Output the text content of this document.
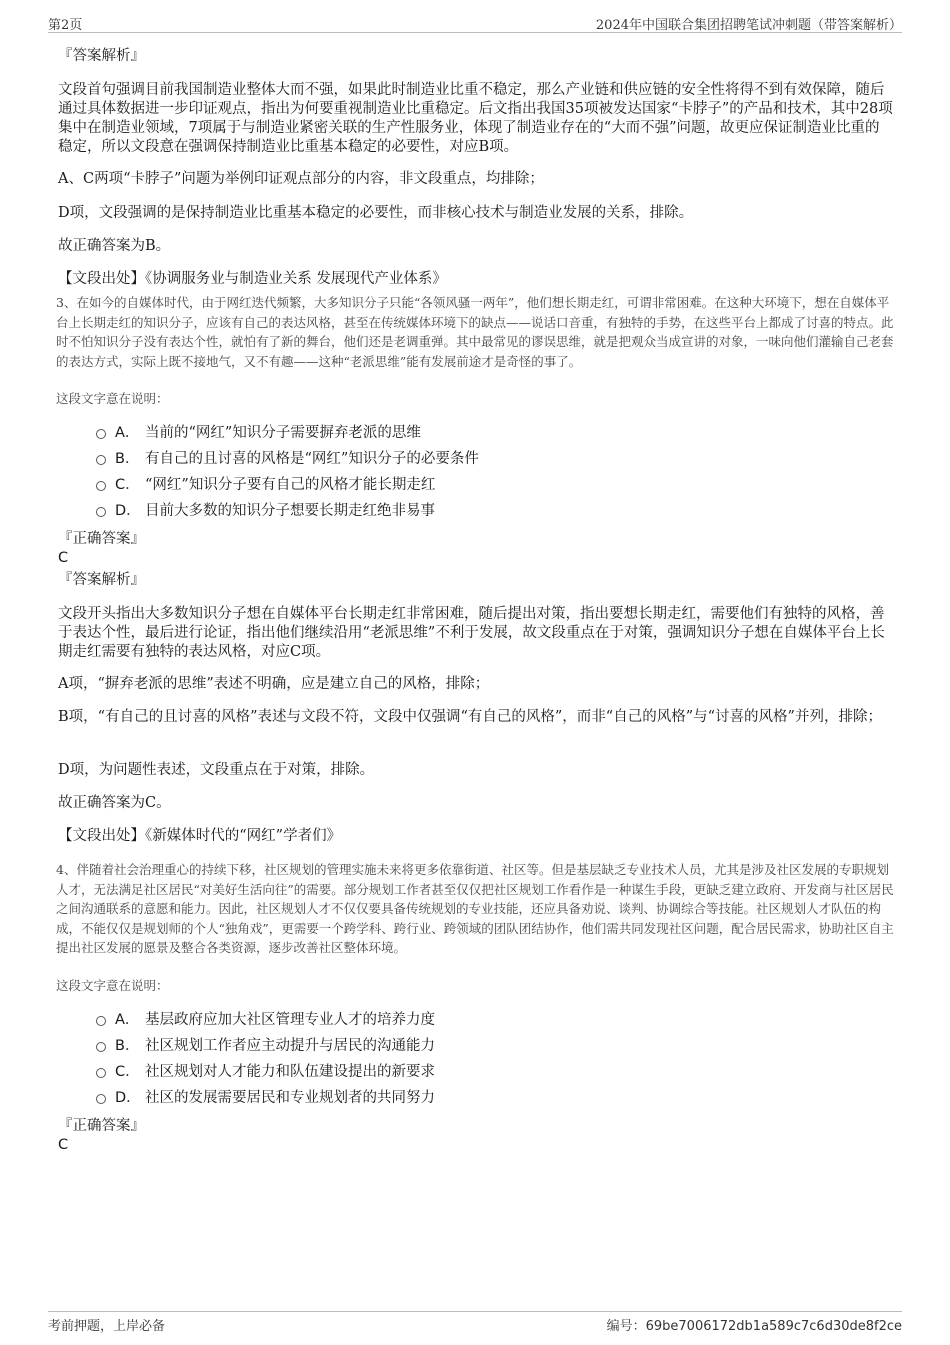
第2页	2024年中国联合集团招聘笔试冲刺题（带答案解析）
『答案解析』
文段首句强调目前我国制造业整体大而不强，如果此时制造业比重不稳定，那么产业链和供应链的安全性将得不到有效保障，随后通过具体数据进一步印证观点，指出为何要重视制造业比重稳定。后文指出我国35项被发达国家“卡脖子”的产品和技术，其中28项集中在制造业领域，7项属于与制造业紧密关联的生产性服务业，体现了制造业存在的“大而不强”问题，故更应保证制造业比重的稳定，所以文段意在强调保持制造业比重基本稳定的必要性，对应B项。
A、C两项“卡脖子”问题为举例印证观点部分的内容，非文段重点，均排除；
D项，文段强调的是保持制造业比重基本稳定的必要性，而非核心技术与制造业发展的关系，排除。
故正确答案为B。
【文段出处】《协调服务业与制造业关系 发展现代产业体系》
3、在如今的自媒体时代，由于网红迭代频繁，大多知识分子只能“各领风骚一两年”，他们想长期走红，可谓非常困难。在这种大环境下，想在自媒体平台上长期走红的知识分子，应该有自己的表达风格，甚至在传统媒体环境下的缺点——说话口音重，有独特的手势，在这些平台上都成了讨喜的特点。此时不怕知识分子没有表达个性，就怕有了新的舞台，他们还是老调重弹。其中最常见的谬误思维，就是把观众当成宣讲的对象，一味向他们灌输自己老套的表达方式，实际上既不接地气，又不有趣——这种“老派思维”能有发展前途才是奇怪的事了。
这段文字意在说明：
A． 当前的“网红”知识分子需要摒弃老派的思维
B． 有自己的且讨喜的风格是“网红”知识分子的必要条件
C． “网红”知识分子要有自己的风格才能长期走红
D． 目前大多数的知识分子想要长期走红绝非易事
『正确答案』
C
『答案解析』
文段开头指出大多数知识分子想在自媒体平台长期走红非常困难，随后提出对策，指出要想长期走红，需要他们有独特的风格，善于表达个性，最后进行论证，指出他们继续沿用“老派思维”不利于发展，故文段重点在于对策，强调知识分子想在自媒体平台上长期走红需要有独特的表达风格，对应C项。
A项，“摒弃老派的思维”表述不明确，应是建立自己的风格，排除；
B项，“有自己的且讨喜的风格”表述与文段不符，文段中仅强调“有自己的风格”，而非“自己的风格”与“讨喜的风格”并列，排除；
D项，为问题性表述，文段重点在于对策，排除。
故正确答案为C。
【文段出处】《新媒体时代的“网红”学者们》
4、伴随着社会治理重心的持续下移，社区规划的管理实施未来将更多依靠街道、社区等。但是基层缺乏专业技术人员，尤其是涉及社区发展的专职规划人才，无法满足社区居民“对美好生活向往”的需要。部分规划工作者甚至仅仅把社区规划工作看作是一种谋生手段，更缺乏建立政府、开发商与社区居民之间沟通联系的意愿和能力。因此，社区规划人才不仅仅要具备传统规划的专业技能，还应具备劝说、谈判、协调综合等技能。社区规划人才队伍的构成，不能仅仅是规划师的个人“独角戏”，更需要一个跨学科、跨行业、跨领域的团队团结协作，他们需共同发现社区问题，配合居民需求，协助社区自主提出社区发展的愿景及整合各类资源，逐步改善社区整体环境。
这段文字意在说明：
A． 基层政府应加大社区管理专业人才的培养力度
B． 社区规划工作者应主动提升与居民的沟通能力
C． 社区规划对人才能力和队伍建设提出的新要求
D． 社区的发展需要居民和专业规划者的共同努力
『正确答案』
C
考前押题，上岸必备	编号：69be7006172db1a589c7c6d30de8f2ce
